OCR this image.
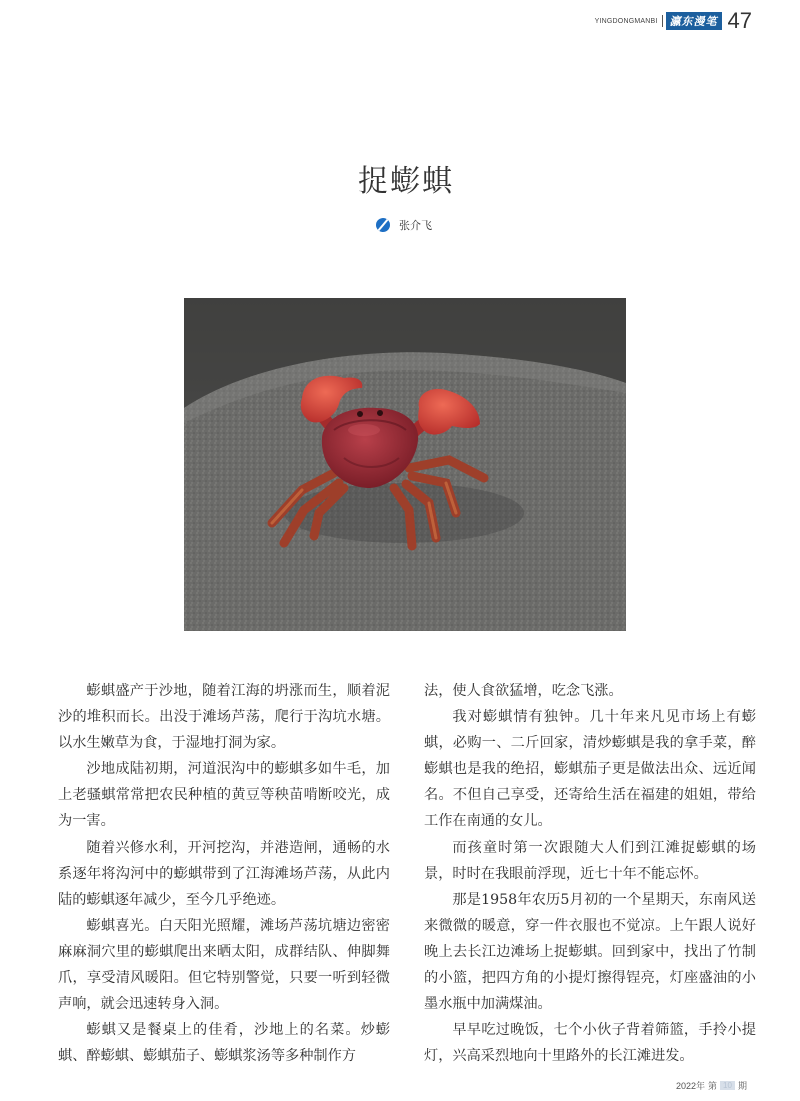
YINGDONGMANBI	瀛东漫笔 47
捉蟛蜞
张介飞

蟛蜞盛产于沙地，随着江海的坍涨而生，顺着泥沙的堆积而长。出没于滩场芦荡，爬行于沟坑水塘。以水生嫩草为食，于湿地打洞为家。

沙地成陆初期，河道泯沟中的蟛蜞多如牛毛，加上老骚蜞常常把农民种植的黄豆等秧苗啃断咬光，成为一害。

随着兴修水利，开河挖沟，并港造闸，通畅的水系逐年将沟河中的蟛蜞带到了江海滩场芦荡，从此内陆的蟛蜞逐年减少，至今几乎绝迹。

蟛蜞喜光。白天阳光照耀，滩场芦荡坑塘边密密麻麻洞穴里的蟛蜞爬出来晒太阳，成群结队、伸脚舞爪，享受清风暖阳。但它特别警觉，只要一听到轻微声响，就会迅速转身入洞。

蟛蜞又是餐桌上的佳肴，沙地上的名菜。炒蟛蜞、醉蟛蜞、蟛蜞茄子、蟛蜞浆汤等多种制作方

法，使人食欲猛增，吃念飞涨。

我对蟛蜞情有独钟。几十年来凡见市场上有蟛蜞，必购一、二斤回家，清炒蟛蜞是我的拿手菜，醉蟛蜞也是我的绝招，蟛蜞茄子更是做法出众、远近闻名。不但自己享受，还寄给生活在福建的姐姐，带给工作在南通的女儿。

而孩童时第一次跟随大人们到江滩捉蟛蜞的场景，时时在我眼前浮现，近七十年不能忘怀。

那是1958年农历5月初的一个星期天，东南风送来微微的暖意，穿一件衣服也不觉凉。上午跟人说好晚上去长江边滩场上捉蟛蜞。回到家中，找出了竹制的小篮，把四方角的小提灯擦得锃亮，灯座盛油的小墨水瓶中加满煤油。

早早吃过晚饭，七个小伙子背着筛篮，手拎小提灯，兴高采烈地向十里路外的长江滩进发。

2022年 第 10 期
